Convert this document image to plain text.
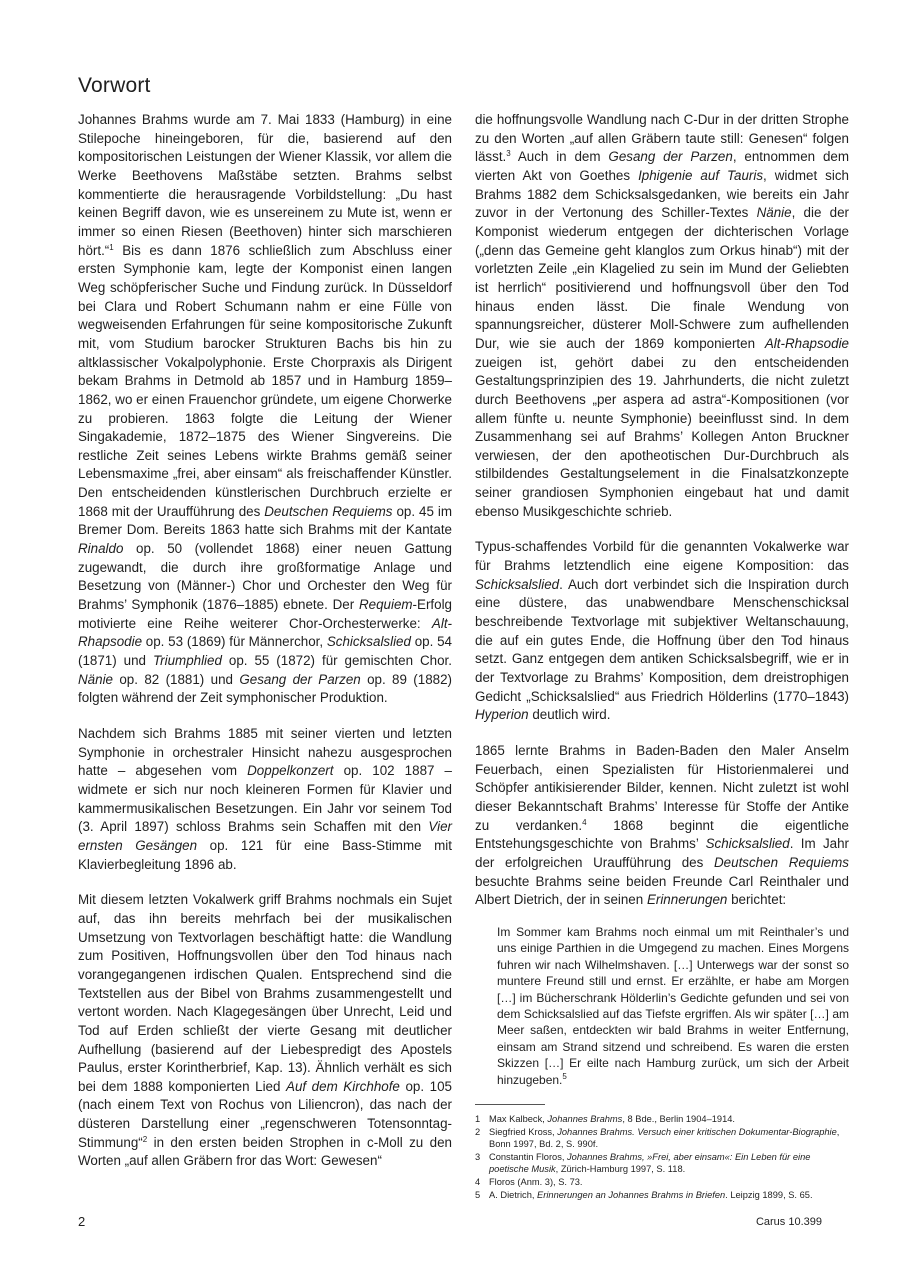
Vorwort

Johannes Brahms wurde am 7. Mai 1833 (Hamburg) in eine Stilepoche hineingeboren, für die, basierend auf den kompositorischen Leistungen der Wiener Klassik, vor allem die Werke Beethovens Maßstäbe setzten. Brahms selbst kommentierte die herausragende Vorbildstellung: „Du hast keinen Begriff davon, wie es unsereinem zu Mute ist, wenn er immer so einen Riesen (Beethoven) hinter sich marschieren hört.“$^1$ Bis es dann 1876 schließlich zum Abschluss einer ersten Symphonie kam, legte der Komponist einen langen Weg schöpferischer Suche und Findung zurück. In Düsseldorf bei Clara und Robert Schumann nahm er eine Fülle von wegweisenden Erfahrungen für seine kompositorische Zukunft mit, vom Studium barocker Strukturen Bachs bis hin zu altklassischer Vokalpolyphonie. Erste Chorpraxis als Dirigent bekam Brahms in Detmold ab 1857 und in Hamburg 1859–1862, wo er einen Frauenchor gründete, um eigene Chorwerke zu probieren. 1863 folgte die Leitung der Wiener Singakademie, 1872–1875 des Wiener Singvereins. Die restliche Zeit seines Lebens wirkte Brahms gemäß seiner Lebensmaxime „frei, aber einsam“ als freischaffender Künstler. Den entscheidenden künstlerischen Durchbruch erzielte er 1868 mit der Uraufführung des Deutschen Requiems op. 45 im Bremer Dom. Bereits 1863 hatte sich Brahms mit der Kantate Rinaldo op. 50 (vollendet 1868) einer neuen Gattung zugewandt, die durch ihre großformatige Anlage und Besetzung von (Männer-) Chor und Orchester den Weg für Brahms’ Symphonik (1876–1885) ebnete. Der Requiem-Erfolg motivierte eine Reihe weiterer Chor-Orchesterwerke: Alt-Rhapsodie op. 53 (1869) für Männerchor, Schicksalslied op. 54 (1871) und Triumphlied op. 55 (1872) für gemischten Chor. Nänie op. 82 (1881) und Gesang der Parzen op. 89 (1882) folgten während der Zeit symphonischer Produktion.

Nachdem sich Brahms 1885 mit seiner vierten und letzten Symphonie in orchestraler Hinsicht nahezu ausgesprochen hatte – abgesehen vom Doppelkonzert op. 102 1887 – widmete er sich nur noch kleineren Formen für Klavier und kammermusikalischen Besetzungen. Ein Jahr vor seinem Tod (3. April 1897) schloss Brahms sein Schaffen mit den Vier ernsten Gesängen op. 121 für eine Bass-Stimme mit Klavierbegleitung 1896 ab.

Mit diesem letzten Vokalwerk griff Brahms nochmals ein Sujet auf, das ihn bereits mehrfach bei der musikalischen Umsetzung von Textvorlagen beschäftigt hatte: die Wandlung zum Positiven, Hoffnungsvollen über den Tod hinaus nach vorangegangenen irdischen Qualen. Entsprechend sind die Textstellen aus der Bibel von Brahms zusammengestellt und vertont worden. Nach Klagegesängen über Unrecht, Leid und Tod auf Erden schließt der vierte Gesang mit deutlicher Aufhellung (basierend auf der Liebespredigt des Apostels Paulus, erster Korintherbrief, Kap. 13). Ähnlich verhält es sich bei dem 1888 komponierten Lied Auf dem Kirchhofe op. 105 (nach einem Text von Rochus von Liliencron), das nach der düsteren Darstellung einer „regenschweren Totensonntag-Stimmung“$^2$ in den ersten beiden Strophen in c-Moll zu den Worten „auf allen Gräbern fror das Wort: Gewesen“

die hoffnungsvolle Wandlung nach C-Dur in der dritten Strophe zu den Worten „auf allen Gräbern taute still: Genesen“ folgen lässt.$^3$ Auch in dem Gesang der Parzen, entnommen dem vierten Akt von Goethes Iphigenie auf Tauris, widmet sich Brahms 1882 dem Schicksalsgedanken, wie bereits ein Jahr zuvor in der Vertonung des Schiller-Textes Nänie, die der Komponist wiederum entgegen der dichterischen Vorlage („denn das Gemeine geht klanglos zum Orkus hinab“) mit der vorletzten Zeile „ein Klagelied zu sein im Mund der Geliebten ist herrlich“ positivierend und hoffnungsvoll über den Tod hinaus enden lässt. Die finale Wendung von spannungsreicher, düsterer Moll-Schwere zum aufhellenden Dur, wie sie auch der 1869 komponierten Alt-Rhapsodie zueigen ist, gehört dabei zu den entscheidenden Gestaltungsprinzipien des 19. Jahrhunderts, die nicht zuletzt durch Beethovens „per aspera ad astra“-Kompositionen (vor allem fünfte u. neunte Symphonie) beeinflusst sind. In dem Zusammenhang sei auf Brahms’ Kollegen Anton Bruckner verwiesen, der den apotheotischen Dur-Durchbruch als stilbildendes Gestaltungselement in die Finalsatzkonzepte seiner grandiosen Symphonien eingebaut hat und damit ebenso Musikgeschichte schrieb.

Typus-schaffendes Vorbild für die genannten Vokalwerke war für Brahms letztendlich eine eigene Komposition: das Schicksalslied. Auch dort verbindet sich die Inspiration durch eine düstere, das unabwendbare Menschenschicksal beschreibende Textvorlage mit subjektiver Weltanschauung, die auf ein gutes Ende, die Hoffnung über den Tod hinaus setzt. Ganz entgegen dem antiken Schicksalsbegriff, wie er in der Textvorlage zu Brahms’ Komposition, dem dreistrophigen Gedicht „Schicksalslied“ aus Friedrich Hölderlins (1770–1843) Hyperion deutlich wird.

1865 lernte Brahms in Baden-Baden den Maler Anselm Feuerbach, einen Spezialisten für Historienmalerei und Schöpfer antikisierender Bilder, kennen. Nicht zuletzt ist wohl dieser Bekanntschaft Brahms’ Interesse für Stoffe der Antike zu verdanken.$^4$ 1868 beginnt die eigentliche Entstehungsgeschichte von Brahms’ Schicksalslied. Im Jahr der erfolgreichen Uraufführung des Deutschen Requiems besuchte Brahms seine beiden Freunde Carl Reinthaler und Albert Dietrich, der in seinen Erinnerungen berichtet:

Im Sommer kam Brahms noch einmal um mit Reinthaler’s und uns einige Parthien in die Umgegend zu machen. Eines Morgens fuhren wir nach Wilhelmshaven. […] Unterwegs war der sonst so muntere Freund still und ernst. Er erzählte, er habe am Morgen […] im Bücherschrank Hölderlin’s Gedichte gefunden und sei von dem Schicksalslied auf das Tiefste ergriffen. Als wir später […] am Meer saßen, entdeckten wir bald Brahms in weiter Entfernung, einsam am Strand sitzend und schreibend. Es waren die ersten Skizzen […] Er eilte nach Hamburg zurück, um sich der Arbeit hinzugeben.$^5$

1 Max Kalbeck, Johannes Brahms, 8 Bde., Berlin 1904–1914.
2 Siegfried Kross, Johannes Brahms. Versuch einer kritischen Dokumentar-Biographie, Bonn 1997, Bd. 2, S. 990f.
3 Constantin Floros, Johannes Brahms, »Frei, aber einsam«: Ein Leben für eine poetische Musik, Zürich-Hamburg 1997, S. 118.
4 Floros (Anm. 3), S. 73.
5 A. Dietrich, Erinnerungen an Johannes Brahms in Briefen. Leipzig 1899, S. 65.

2	Carus 10.399
